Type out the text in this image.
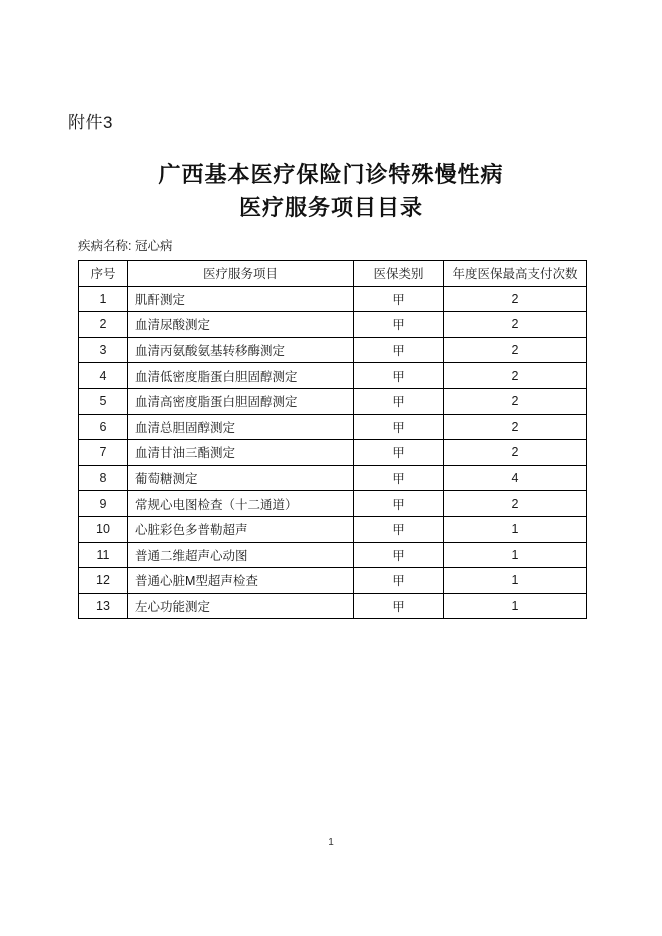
附件3
广西基本医疗保险门诊特殊慢性病
医疗服务项目目录
疾病名称: 冠心病
序号	医疗服务项目	医保类别	年度医保最高支付次数
1	肌酐测定	甲	2
2	血清尿酸测定	甲	2
3	血清丙氨酸氨基转移酶测定	甲	2
4	血清低密度脂蛋白胆固醇测定	甲	2
5	血清高密度脂蛋白胆固醇测定	甲	2
6	血清总胆固醇测定	甲	2
7	血清甘油三酯测定	甲	2
8	葡萄糖测定	甲	4
9	常规心电图检查（十二通道）	甲	2
10	心脏彩色多普勒超声	甲	1
11	普通二维超声心动图	甲	1
12	普通心脏M型超声检查	甲	1
13	左心功能测定	甲	1
1
